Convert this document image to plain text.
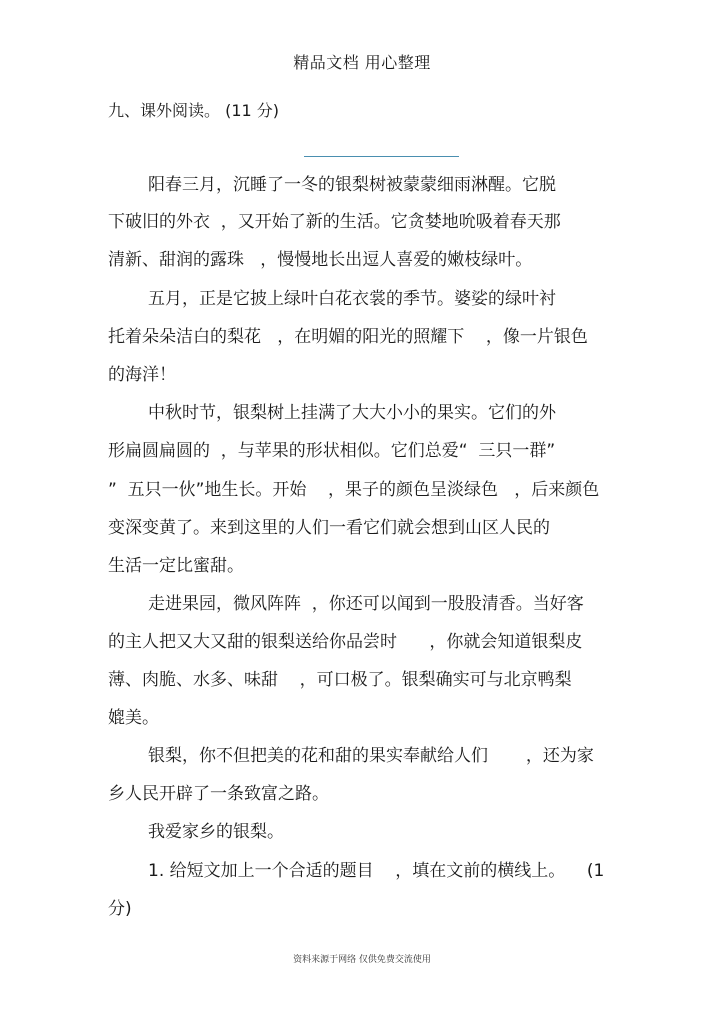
精品文档 用心整理
九、课外阅读。 (11 分)
阳春三月，沉睡了一冬的银梨树被蒙蒙细雨淋醒。它脱
下破旧的外衣  ，又开始了新的生活。它贪婪地吮吸着春天那
清新、甜润的露珠   ，慢慢地长出逗人喜爱的嫩枝绿叶。
五月，正是它披上绿叶白花衣裳的季节。婆娑的绿叶衬
托着朵朵洁白的梨花   ，在明媚的阳光的照耀下    ，像一片银色
的海洋！
中秋时节，银梨树上挂满了大大小小的果实。它们的外
形扁圆扁圆的  ，与苹果的形状相似。它们总爱“  三只一群”
”  五只一伙”地生长。开始    ，果子的颜色呈淡绿色   ，后来颜色
变深变黄了。来到这里的人们一看它们就会想到山区人民的
生活一定比蜜甜。
走进果园，微风阵阵  ，你还可以闻到一股股清香。当好客
的主人把又大又甜的银梨送给你品尝时      ，你就会知道银梨皮
薄、肉脆、水多、味甜    ，可口极了。银梨确实可与北京鸭梨
媲美。
银梨，你不但把美的花和甜的果实奉献给人们       ，还为家
乡人民开辟了一条致富之路。
我爱家乡的银梨。
1. 给短文加上一个合适的题目    ，填在文前的横线上。    (1
分)
资料来源于网络 仅供免费交流使用
